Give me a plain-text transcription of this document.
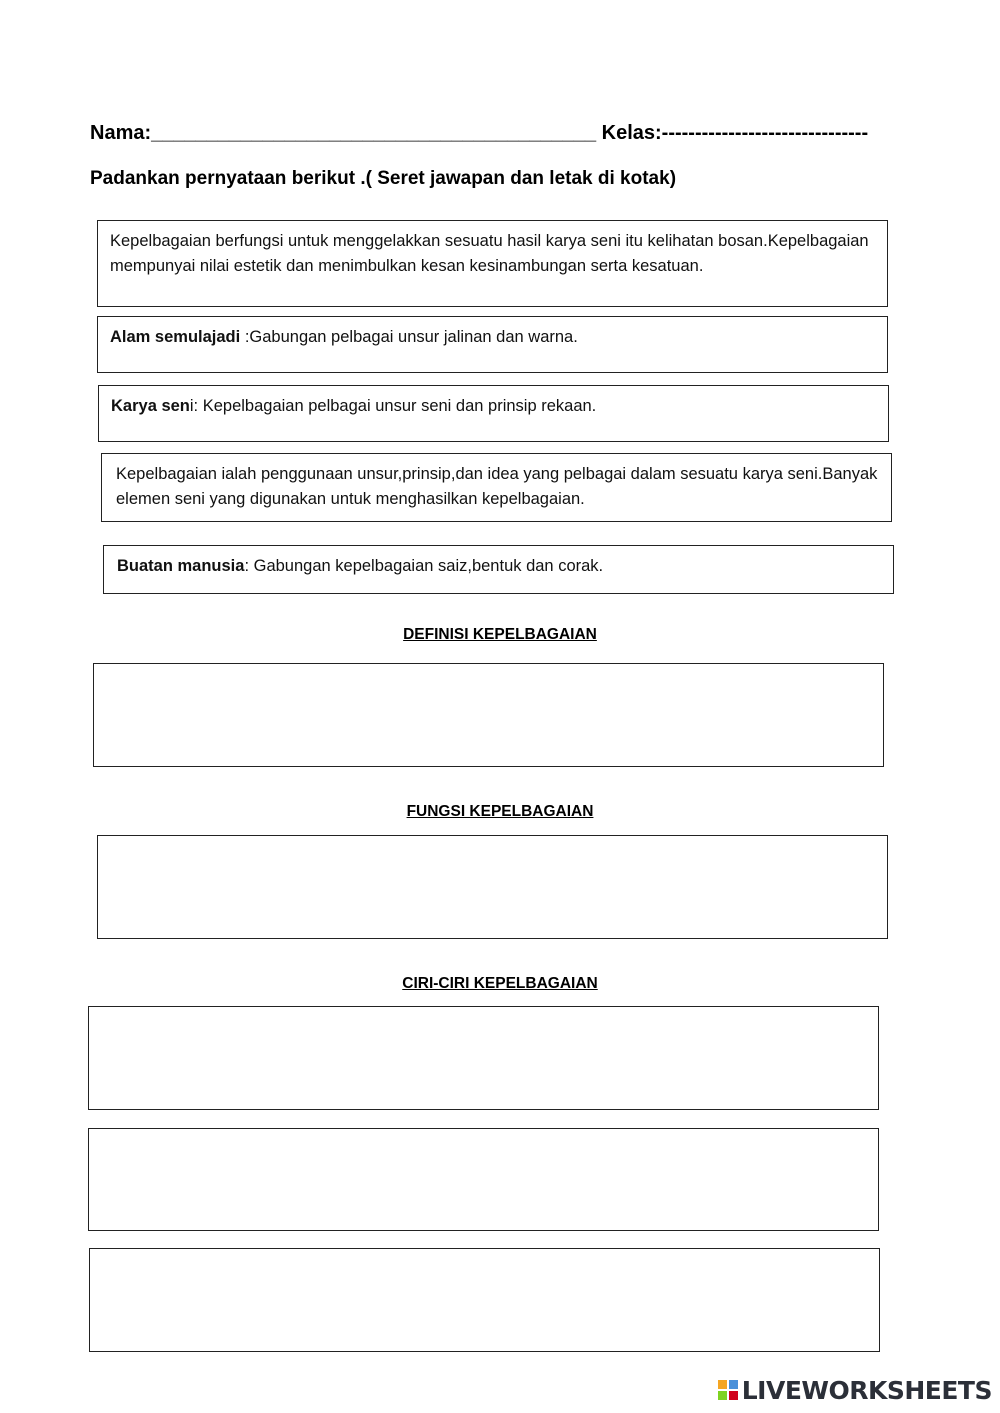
Nama:________________________________________ Kelas:-------------------------------
Padankan pernyataan berikut .( Seret jawapan dan letak di kotak)
Kepelbagaian berfungsi untuk menggelakkan sesuatu hasil karya seni itu kelihatan bosan.Kepelbagaian mempunyai nilai estetik dan menimbulkan kesan kesinambungan serta kesatuan.
Alam semulajadi :Gabungan pelbagai unsur jalinan dan warna.
Karya seni: Kepelbagaian pelbagai unsur seni dan prinsip rekaan.
Kepelbagaian ialah penggunaan unsur,prinsip,dan idea yang pelbagai dalam sesuatu karya seni.Banyak elemen seni yang digunakan untuk menghasilkan kepelbagaian.
Buatan manusia: Gabungan kepelbagaian saiz,bentuk dan corak.
DEFINISI KEPELBAGAIAN
FUNGSI KEPELBAGAIAN
CIRI-CIRI KEPELBAGAIAN
LIVEWORKSHEETS
